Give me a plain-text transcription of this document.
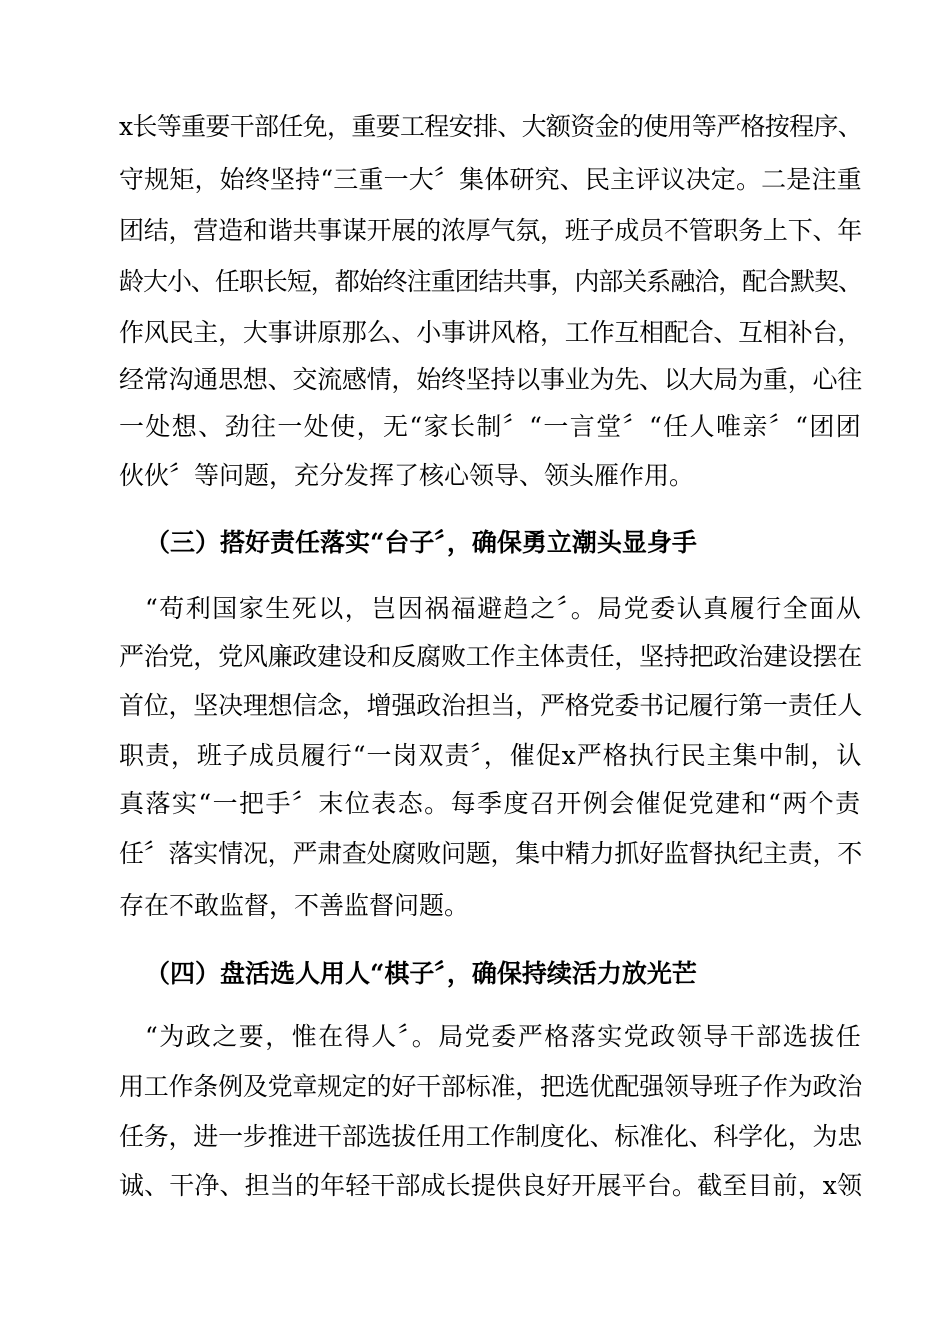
x长等重要干部任免，重要工程安排、大额资金的使用等严格按程序、
守规矩，始终坚持“三重一大〞集体研究、民主评议决定。二是注重
团结，营造和谐共事谋开展的浓厚气氛，班子成员不管职务上下、年
龄大小、任职长短，都始终注重团结共事，内部关系融洽，配合默契、
作风民主，大事讲原那么、小事讲风格，工作互相配合、互相补台，
经常沟通思想、交流感情，始终坚持以事业为先、以大局为重，心往
一处想、劲往一处使，无“家长制〞“一言堂〞“任人唯亲〞“团团
伙伙〞等问题，充分发挥了核心领导、领头雁作用。
（三）搭好责任落实“台子〞，确保勇立潮头显身手
“苟利国家生死以，岂因祸福避趋之〞。局党委认真履行全面从
严治党，党风廉政建设和反腐败工作主体责任，坚持把政治建设摆在
首位，坚决理想信念，增强政治担当，严格党委书记履行第一责任人
职责，班子成员履行“一岗双责〞，催促x严格执行民主集中制，认
真落实“一把手〞末位表态。每季度召开例会催促党建和“两个责
任〞落实情况，严肃查处腐败问题，集中精力抓好监督执纪主责，不
存在不敢监督，不善监督问题。
（四）盘活选人用人“棋子〞，确保持续活力放光芒
“为政之要，惟在得人〞。局党委严格落实党政领导干部选拔任
用工作条例及党章规定的好干部标准，把选优配强领导班子作为政治
任务，进一步推进干部选拔任用工作制度化、标准化、科学化，为忠
诚、干净、担当的年轻干部成长提供良好开展平台。截至目前，x领
